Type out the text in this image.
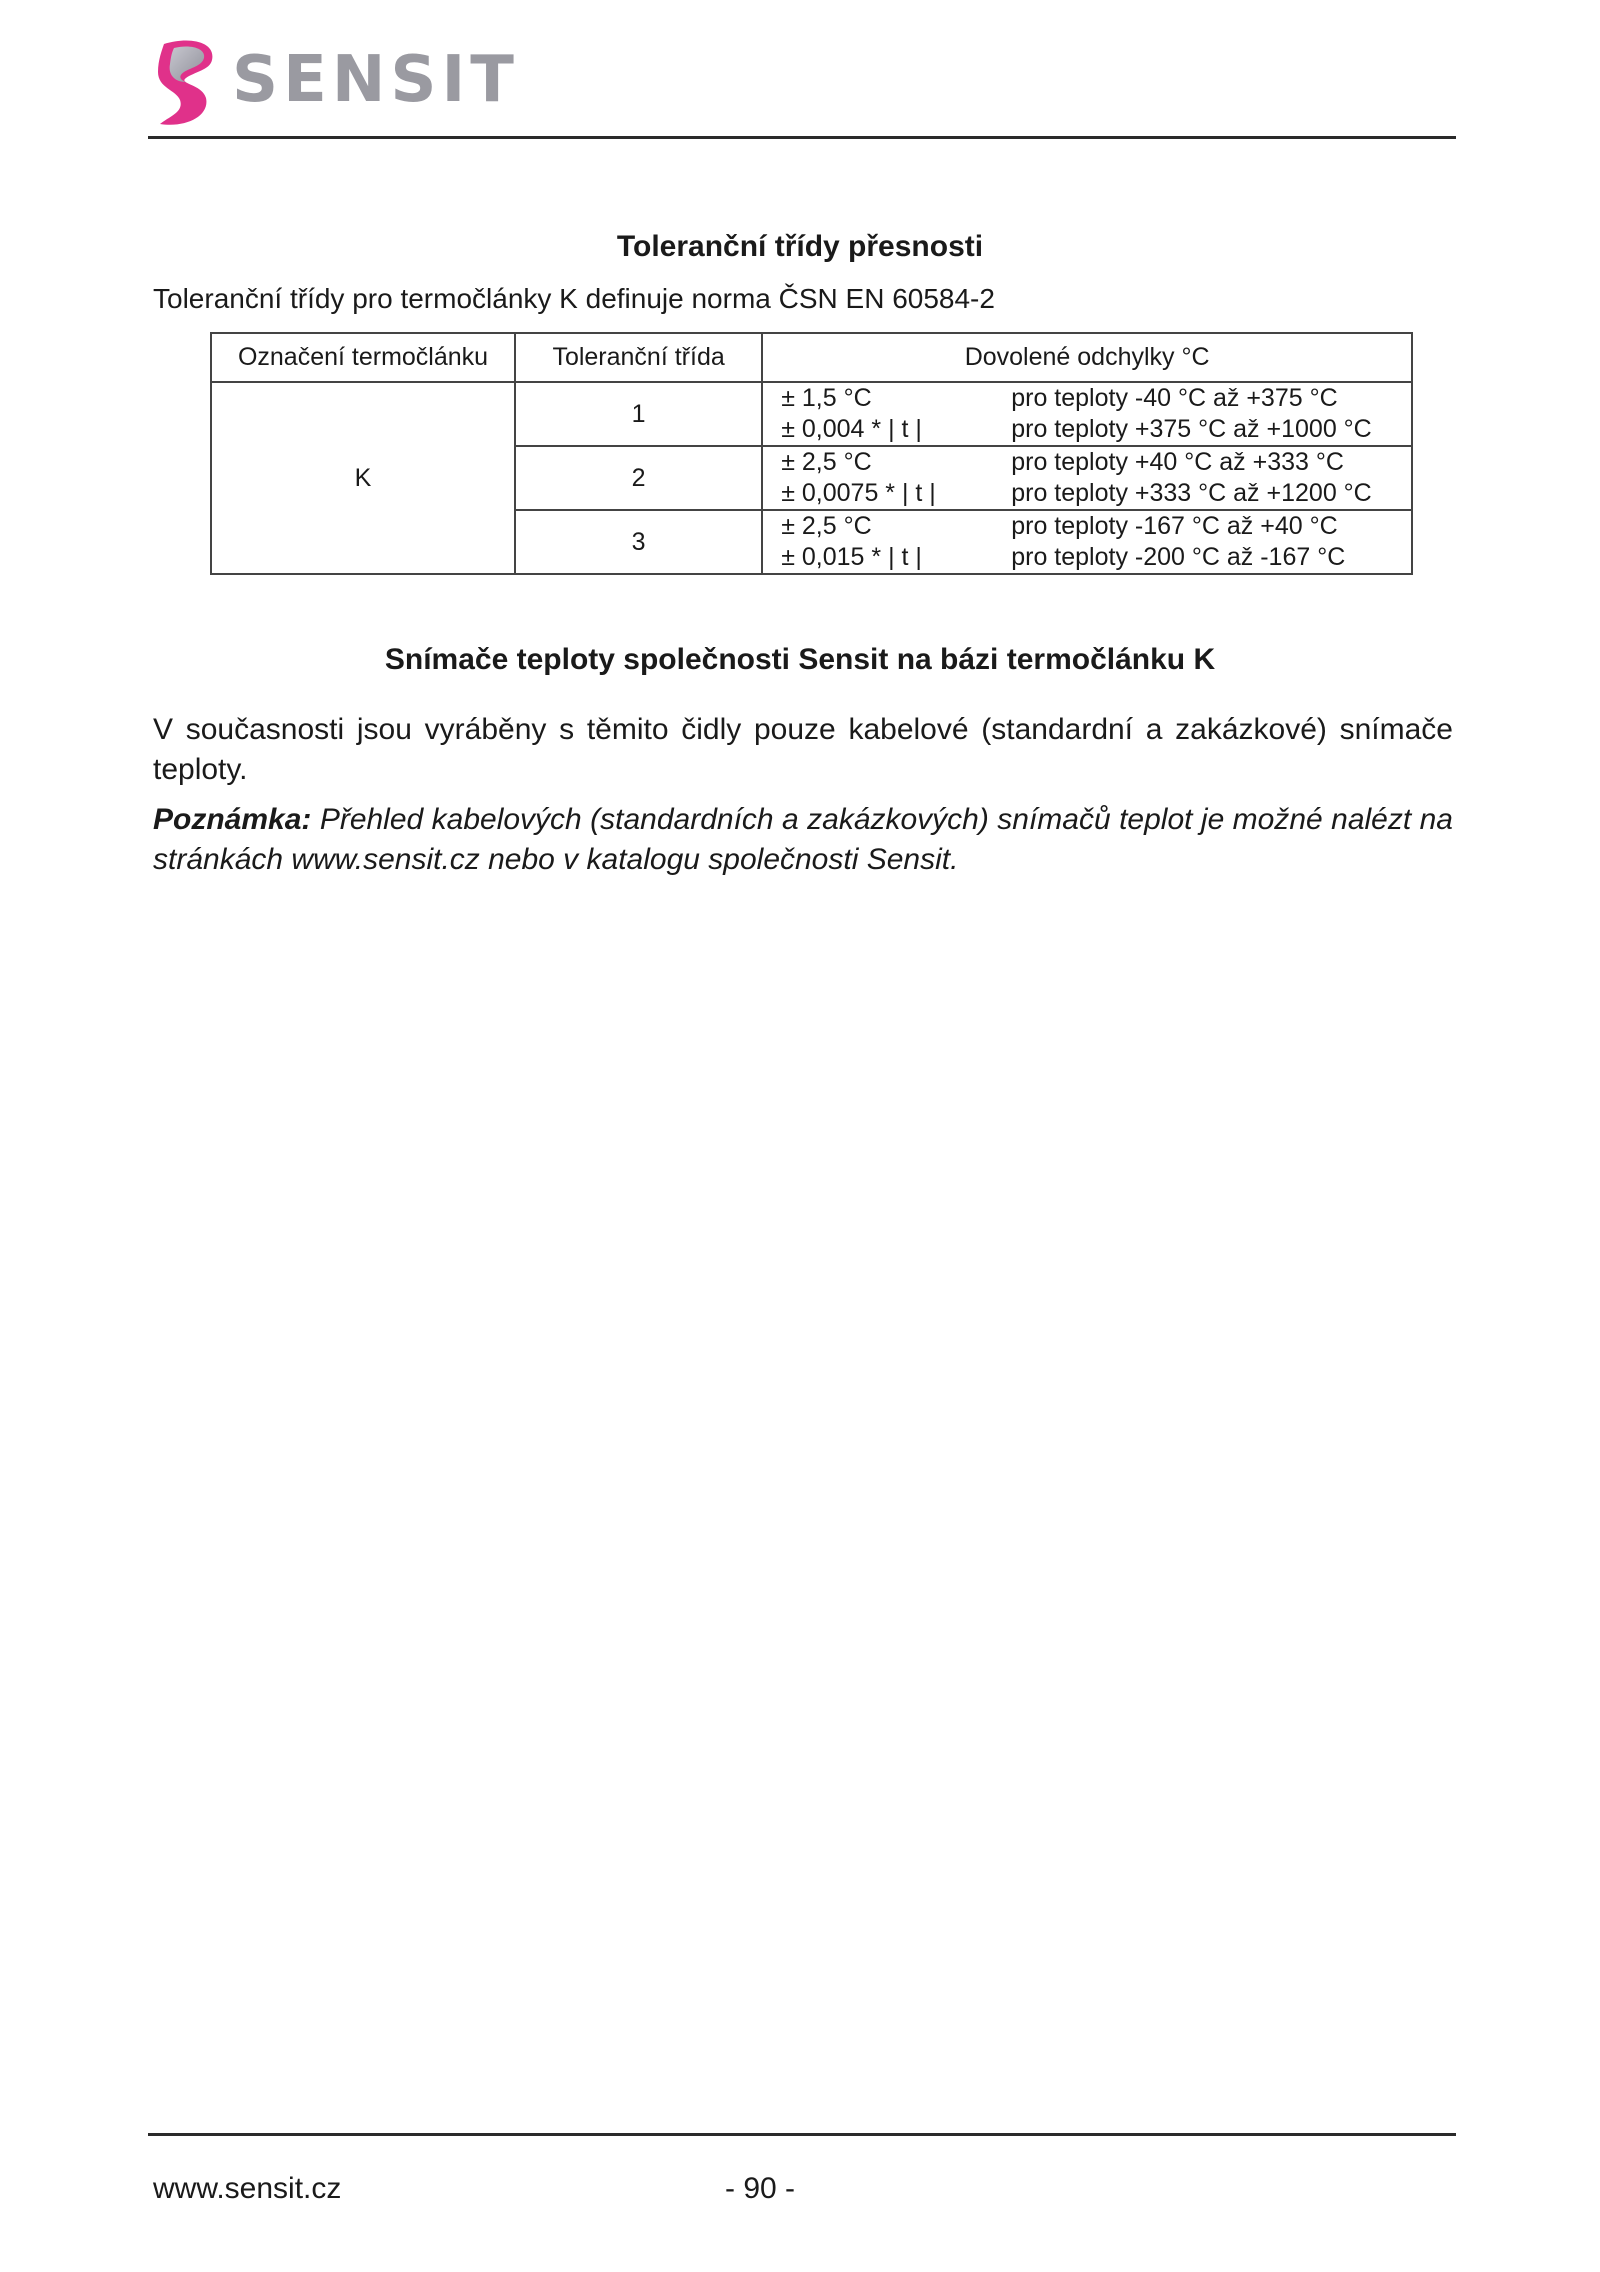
SENSIT
Toleranční třídy přesnosti
Toleranční třídy pro termočlánky K definuje norma ČSN EN 60584-2
Označení termočlánku	Toleranční třída	Dovolené odchylky °C
K	1	± 1,5 °C pro teploty -40 °C až +375 °C
± 0,004 * | t | pro teploty +375 °C až +1000 °C

	2	± 2,5 °C pro teploty +40 °C až +333 °C
± 0,0075 * | t | pro teploty +333 °C až +1200 °C

	3	± 2,5 °C pro teploty -167 °C až +40 °C
± 0,015 * | t | pro teploty -200 °C až -167 °C
Snímače teploty společnosti Sensit na bázi termočlánku K
V současnosti jsou vyráběny s těmito čidly pouze kabelové (standardní a zakázkové) snímače teploty.
Poznámka: Přehled kabelových (standardních a zakázkových) snímačů teplot je možné nalézt na stránkách www.sensit.cz nebo v katalogu společnosti Sensit.
www.sensit.cz	- 90 -
